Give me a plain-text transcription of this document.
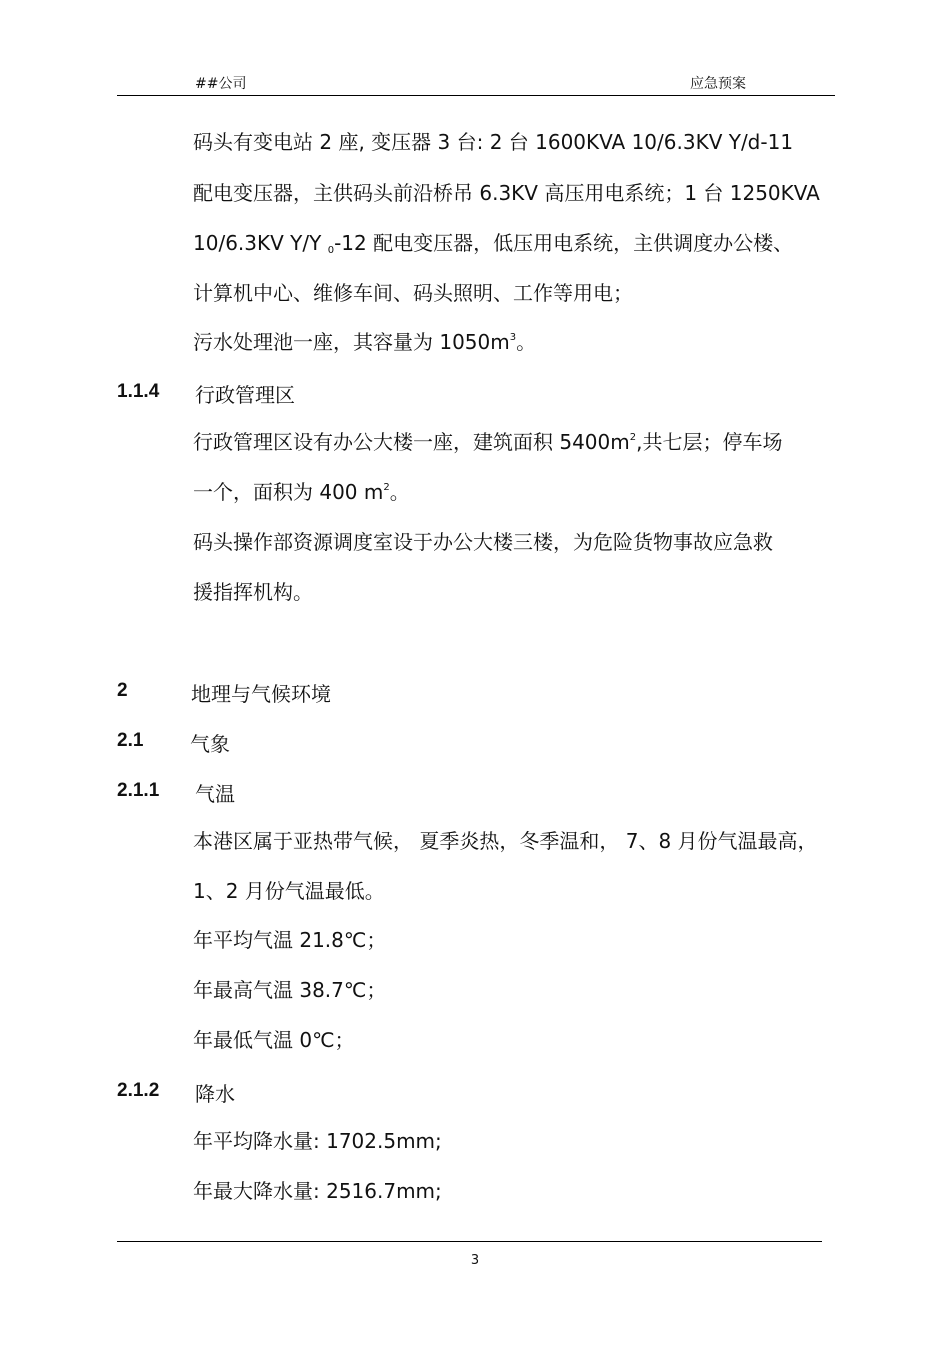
##公司	应急预案
码头有变电站 2 座, 变压器 3 台: 2 台 1600KVA 10/6.3KV Y/d-11
配电变压器，主供码头前沿桥吊 6.3KV 高压用电系统；1 台 1250KVA
10/6.3KV Y/Y $_0$-12 配电变压器，低压用电系统，主供调度办公楼、
计算机中心、维修车间、码头照明、工作等用电；
污水处理池一座，其容量为 $1050m^3$。
1.1.4 行政管理区
行政管理区设有办公大楼一座，建筑面积 $5400m^2$,共七层；停车场
一个，面积为 400 $m^2$。
码头操作部资源调度室设于办公大楼三楼，为危险货物事故应急救
援指挥机构。
2	地理与气候环境
2.1 气象
2.1.1 气温
本港区属于亚热带气候， 夏季炎热，冬季温和， 7、8 月份气温最高，
1、2 月份气温最低。
年平均气温 21.8℃；
年最高气温 38.7℃；
年最低气温 0℃；
2.1.2 降水
年平均降水量: 1702.5mm;
年最大降水量: 2516.7mm;
3
